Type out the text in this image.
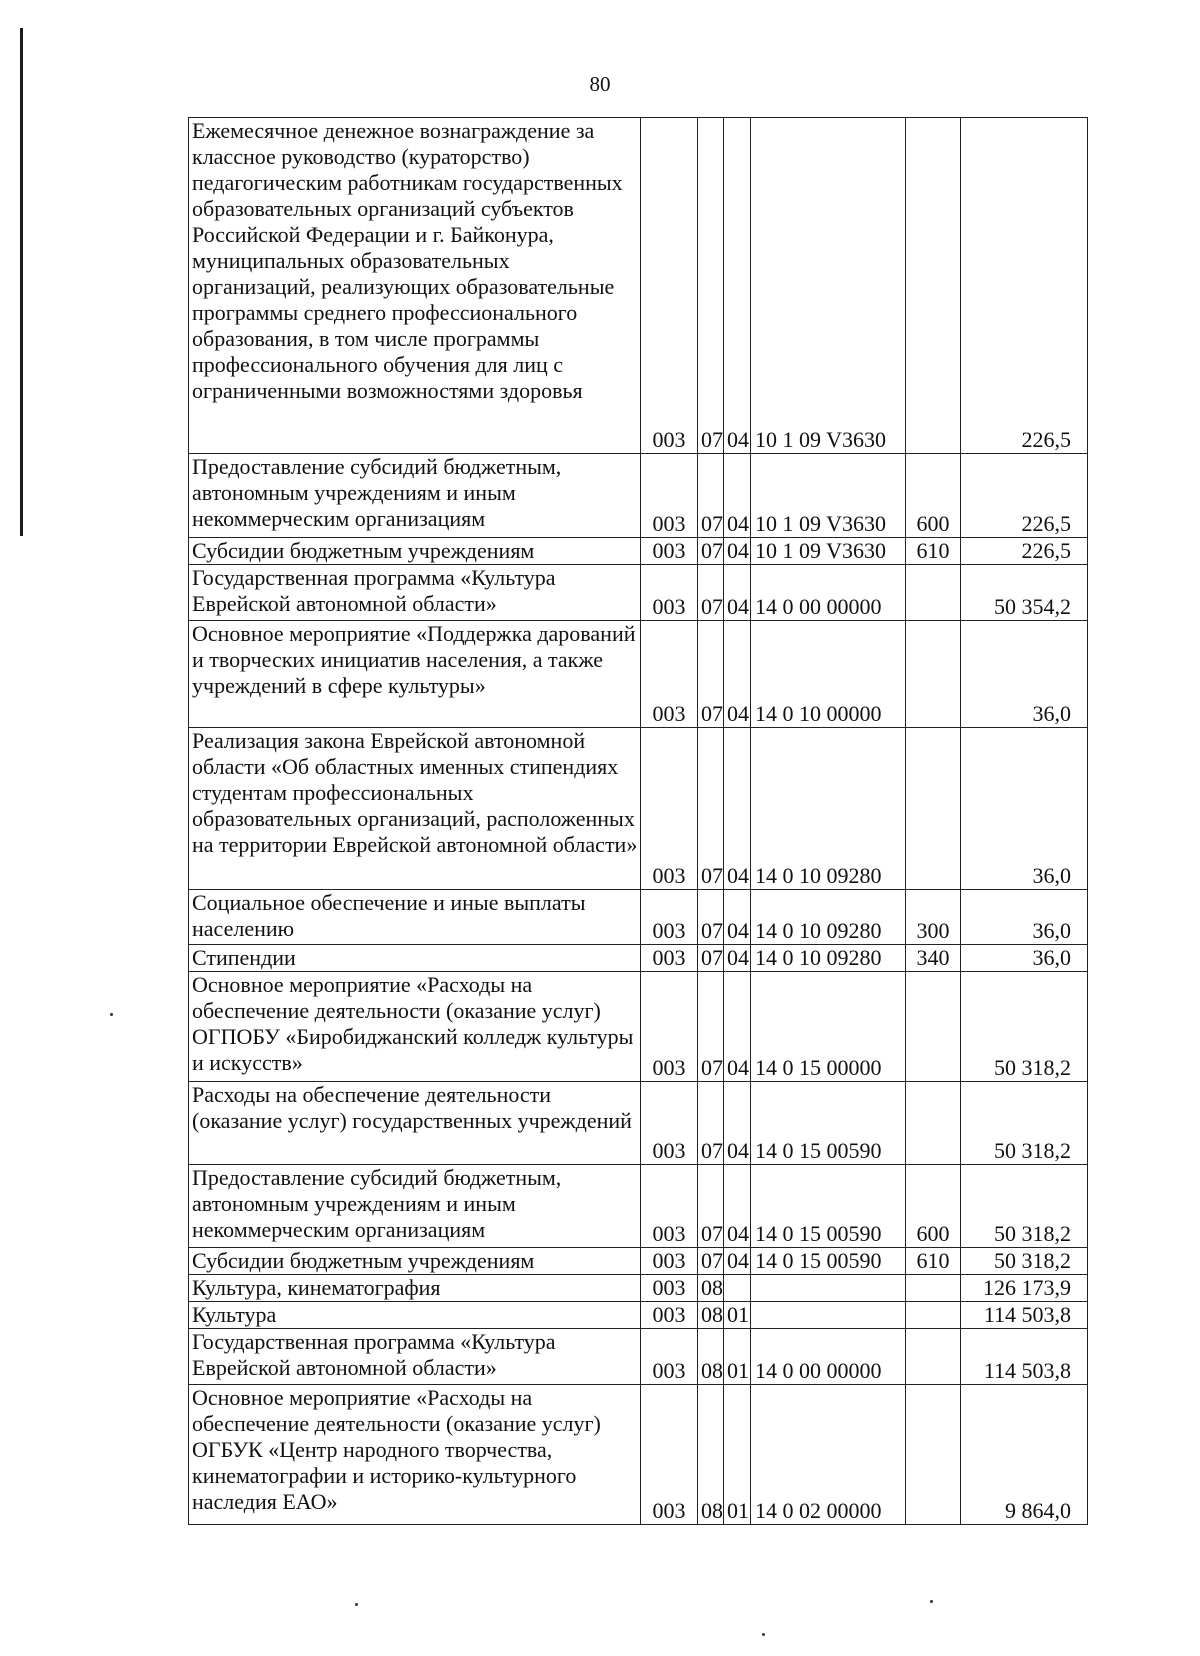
80
Ежемесячное денежное вознаграждение за классное руководство (кураторство) педагогическим работникам государственных образовательных организаций субъектов Российской Федерации и г. Байконура, муниципальных образовательных организаций, реализующих образовательные программы среднего профессионального образования, в том числе программы профессионального обучения для лиц с ограниченными возможностями здоровья	003	07	04	10 1 09 V3630		226,5
Предоставление субсидий бюджетным, автономным учреждениям и иным некоммерческим организациям	003	07	04	10 1 09 V3630	600	226,5
Субсидии бюджетным учреждениям	003	07	04	10 1 09 V3630	610	226,5
Государственная программа «Культура Еврейской автономной области»	003	07	04	14 0 00 00000		50 354,2
Основное мероприятие «Поддержка дарований и творческих инициатив населения, а также учреждений в сфере культуры»	003	07	04	14 0 10 00000		36,0
Реализация закона Еврейской автономной области «Об областных именных стипендиях студентам профессиональных образовательных организаций, расположенных на территории Еврейской автономной области»	003	07	04	14 0 10 09280		36,0
Социальное обеспечение и иные выплаты населению	003	07	04	14 0 10 09280	300	36,0
Стипендии	003	07	04	14 0 10 09280	340	36,0
Основное мероприятие «Расходы на обеспечение деятельности (оказание услуг) ОГПОБУ «Биробиджанский колледж культуры и искусств»	003	07	04	14 0 15 00000		50 318,2
Расходы на обеспечение деятельности (оказание услуг) государственных учреждений	003	07	04	14 0 15 00590		50 318,2
Предоставление субсидий бюджетным, автономным учреждениям и иным некоммерческим организациям	003	07	04	14 0 15 00590	600	50 318,2
Субсидии бюджетным учреждениям	003	07	04	14 0 15 00590	610	50 318,2
Культура, кинематография	003	08				126 173,9
Культура	003	08	01			114 503,8
Государственная программа «Культура Еврейской автономной области»	003	08	01	14 0 00 00000		114 503,8
Основное мероприятие «Расходы на обеспечение деятельности (оказание услуг) ОГБУК «Центр народного творчества, кинематографии и историко-культурного наследия ЕАО»	003	08	01	14 0 02 00000		9 864,0
